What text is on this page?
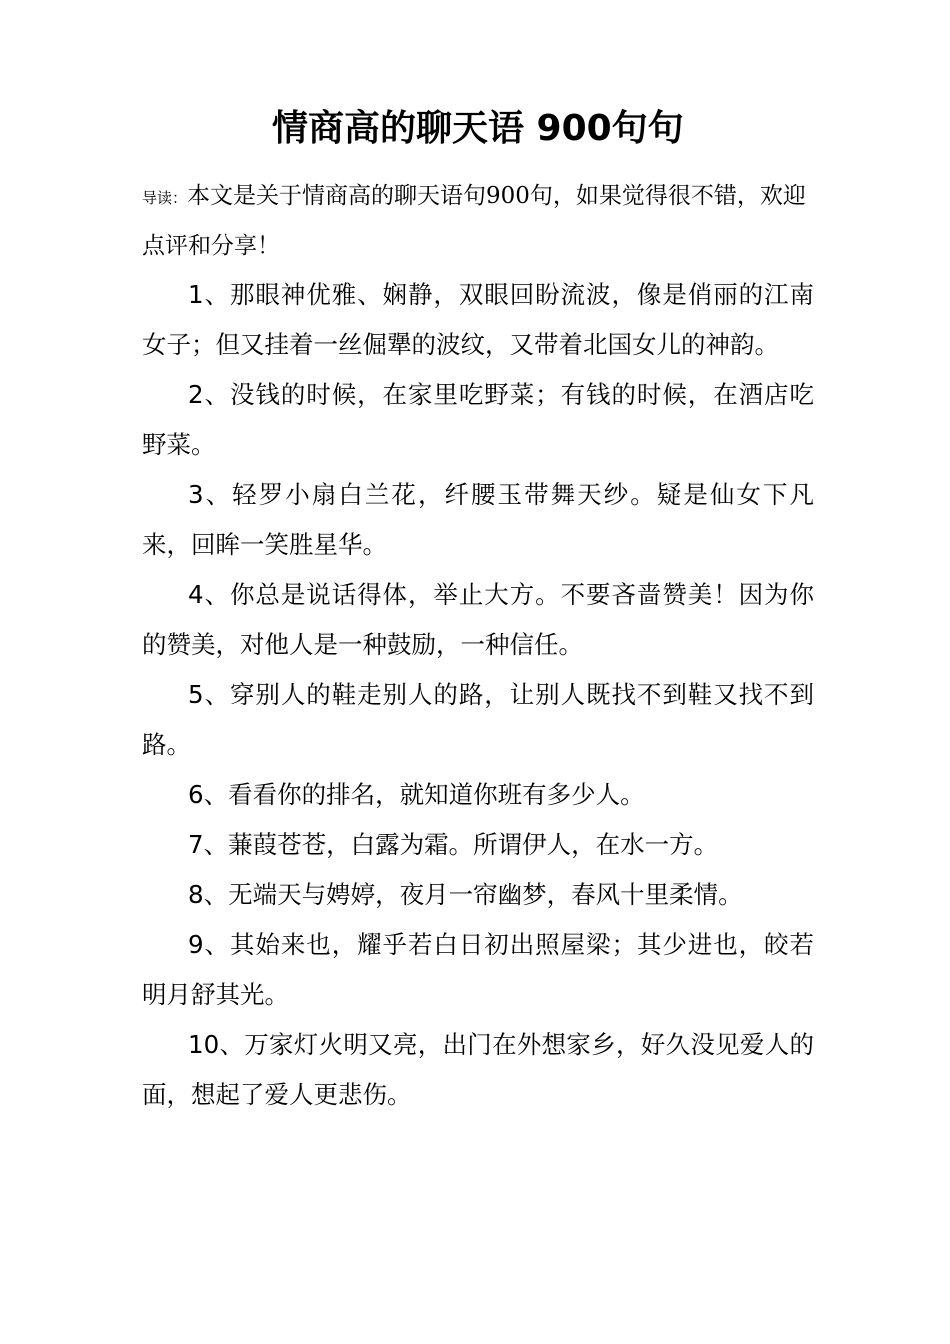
情商高的聊天语 900句句

导读：本文是关于情商高的聊天语句900句，如果觉得很不错，欢迎点评和分享！

1、那眼神优雅、娴静，双眼回盼流波，像是俏丽的江南女子；但又挂着一丝倔犟的波纹，又带着北国女儿的神韵。
2、没钱的时候，在家里吃野菜；有钱的时候，在酒店吃野菜。
3、轻罗小扇白兰花，纤腰玉带舞天纱。疑是仙女下凡来，回眸一笑胜星华。
4、你总是说话得体，举止大方。不要吝啬赞美！因为你的赞美，对他人是一种鼓励，一种信任。
5、穿别人的鞋走别人的路，让别人既找不到鞋又找不到路。
6、看看你的排名，就知道你班有多少人。
7、蒹葭苍苍，白露为霜。所谓伊人，在水一方。
8、无端天与娉婷，夜月一帘幽梦，春风十里柔情。
9、其始来也，耀乎若白日初出照屋梁；其少进也，皎若明月舒其光。
10、万家灯火明又亮，出门在外想家乡，好久没见爱人的面，想起了爱人更悲伤。
